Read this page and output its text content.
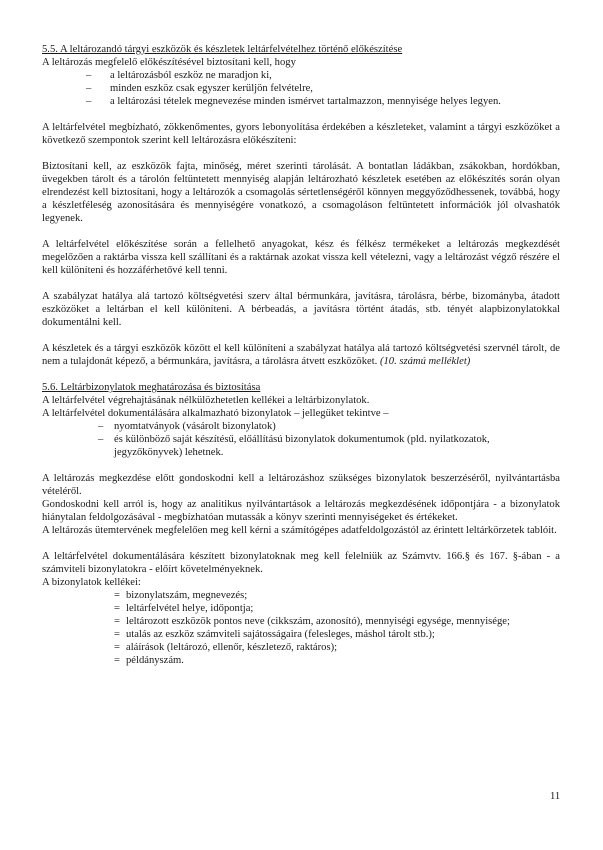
5.5. A leltározandó tárgyi eszközök és készletek leltárfelvételhez történő előkészítése

A leltározás megfelelő előkészítésével biztosítani kell, hogy

– a leltározásból eszköz ne maradjon ki,
– minden eszköz csak egyszer kerüljön felvételre,
– a leltározási tételek megnevezése minden ismérvet tartalmazzon, mennyisége helyes legyen.

A leltárfelvétel megbízható, zökkenőmentes, gyors lebonyolítása érdekében a készleteket, valamint a tárgyi eszközöket a következő szempontok szerint kell leltározásra előkészíteni:

Biztosítani kell, az eszközök fajta, minőség, méret szerinti tárolását. A bontatlan ládákban, zsákokban, hordókban, üvegekben tárolt és a tárolón feltüntetett mennyiség alapján leltározható készletek esetében az előkészítés során olyan elrendezést kell biztosítani, hogy a leltározók a csomagolás sértetlenségéről könnyen meggyőződhessenek, továbbá, hogy a készletféleség azonosítására és mennyiségére vonatkozó, a csomagoláson feltüntetett információk jól olvashatók legyenek.

A leltárfelvétel előkészítése során a fellelhető anyagokat, kész és félkész termékeket a leltározás megkezdését megelőzően a raktárba vissza kell szállítani és a raktárnak azokat vissza kell vételezni, vagy a leltározást végző részére el kell különíteni és hozzáférhetővé kell tenni.

A szabályzat hatálya alá tartozó költségvetési szerv által bérmunkára, javításra, tárolásra, bérbe, bizományba, átadott eszközöket a leltárban el kell különíteni. A bérbeadás, a javításra történt átadás, stb. tényét alapbizonylatokkal dokumentálni kell.

A készletek és a tárgyi eszközök között el kell különíteni a szabályzat hatálya alá tartozó költségvetési szervnél tárolt, de nem a tulajdonát képező, a bérmunkára, javításra, a tárolásra átvett eszközöket. (10. számú melléklet)

5.6. Leltárbizonylatok meghatározása és biztosítása

A leltárfelvétel végrehajtásának nélkülözhetetlen kellékei a leltárbizonylatok.

A leltárfelvétel dokumentálására alkalmazható bizonylatok – jellegüket tekintve –

– nyomtatványok (vásárolt bizonylatok)
– és különböző saját készítésű, előállítású bizonylatok dokumentumok (pld. nyilatkozatok, jegyzőkönyvek) lehetnek.

A leltározás megkezdése előtt gondoskodni kell a leltározáshoz szükséges bizonylatok beszerzéséről, nyilvántartásba vételéről.

Gondoskodni kell arról is, hogy az analitikus nyilvántartások a leltározás megkezdésének időpontjára - a bizonylatok hiánytalan feldolgozásával - megbízhatóan mutassák a könyv szerinti mennyiségeket és értékeket.

A leltározás ütemtervének megfelelően meg kell kérni a számítógépes adatfeldolgozástól az érintett leltárkörzetek tablóit.

A leltárfelvétel dokumentálására készített bizonylatoknak meg kell felelniük az Számvtv. 166.§ és 167. §-ában - a számviteli bizonylatokra - előírt követelményeknek.

A bizonylatok kellékei:

= bizonylatszám, megnevezés;
= leltárfelvétel helye, időpontja;
= leltározott eszközök pontos neve (cikkszám, azonosító), mennyiségi egysége, mennyisége;
= utalás az eszköz számviteli sajátosságaira (felesleges, máshol tárolt stb.);
= aláírások (leltározó, ellenőr, készletező, raktáros);
= példányszám.
11
